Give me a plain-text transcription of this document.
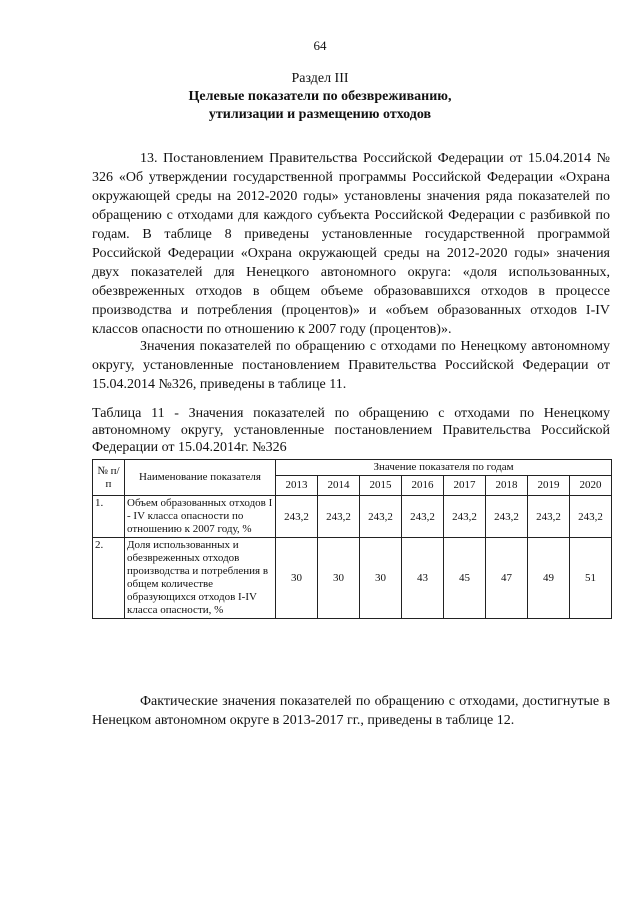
64
Раздел III
Целевые показатели по обезвреживанию,
утилизации и размещению отходов

13. Постановлением Правительства Российской Федерации от 15.04.2014 № 326 «Об утверждении государственной программы Российской Федерации «Охрана окружающей среды на 2012-2020 годы» установлены значения ряда показателей по обращению с отходами для каждого субъекта Российской Федерации с разбивкой по годам. В таблице 8 приведены установленные государственной программой Российской Федерации «Охрана окружающей среды на 2012-2020 годы» значения двух показателей для Ненецкого автономного округа: «доля использованных, обезвреженных отходов в общем объеме образовавшихся отходов в процессе производства и потребления (процентов)» и «объем образованных отходов I-IV классов опасности по отношению к 2007 году (процентов)».

Значения показателей по обращению с отходами по Ненецкому автономному округу, установленные постановлением Правительства Российской Федерации от 15.04.2014 №326, приведены в таблице 11.

Таблица 11 - Значения показателей по обращению с отходами по Ненецкому автономному округу, установленные постановлением Правительства Российской Федерации от 15.04.2014г. №326

№ п/п	Наименование показателя	Значение показателя по годам							
		2013	2014	2015	2016	2017	2018	2019	2020
1.	Объем образованных отходов I - IV класса опасности по отношению к 2007 году, %	243,2	243,2	243,2	243,2	243,2	243,2	243,2	243,2
2.	Доля использованных и обезвреженных отходов производства и потребления в общем количестве образующихся отходов I-IV класса опасности, %	30	30	30	43	45	47	49	51

Фактические значения показателей по обращению с отходами, достигнутые в Ненецком автономном округе в 2013-2017 гг., приведены в таблице 12.
